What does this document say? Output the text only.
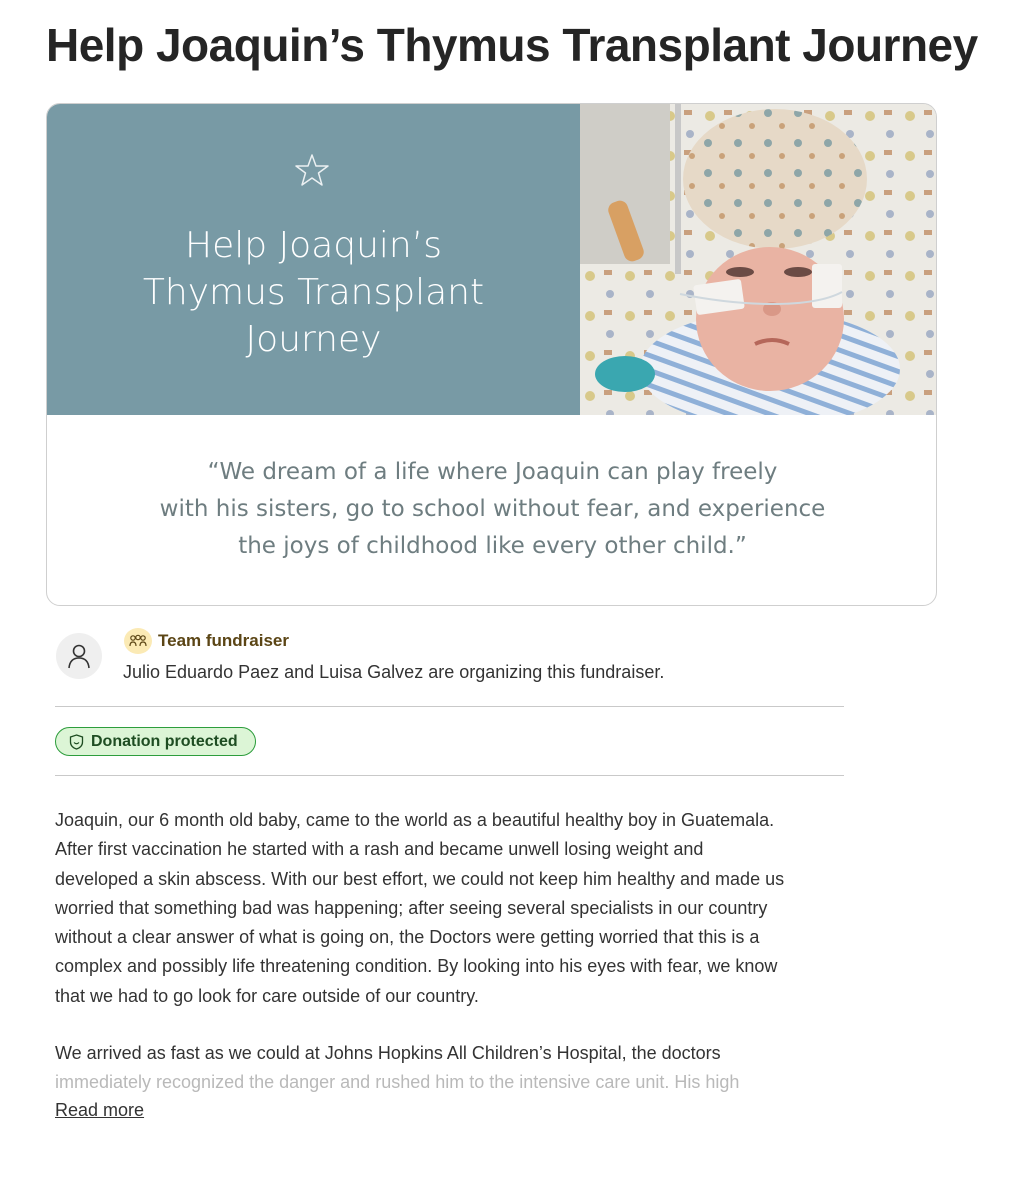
Help Joaquin’s Thymus Transplant Journey
Help Joaquin’s
Thymus Transplant
Journey
“We dream of a life where Joaquin can play freely
with his sisters, go to school without fear, and experience
the joys of childhood like every other child.”
Team fundraiser
Julio Eduardo Paez and Luisa Galvez are organizing this fundraiser.
Donation protected
Joaquin, our 6 month old baby, came to the world as a beautiful healthy boy in Guatemala.
After first vaccination he started with a rash and became unwell losing weight and
developed a skin abscess. With our best effort, we could not keep him healthy and made us
worried that something bad was happening; after seeing several specialists in our country
without a clear answer of what is going on, the Doctors were getting worried that this is a
complex and possibly life threatening condition. By looking into his eyes with fear, we know
that we had to go look for care outside of our country.
We arrived as fast as we could at Johns Hopkins All Children’s Hospital, the doctors
immediately recognized the danger and rushed him to the intensive care unit. His high
Read more
